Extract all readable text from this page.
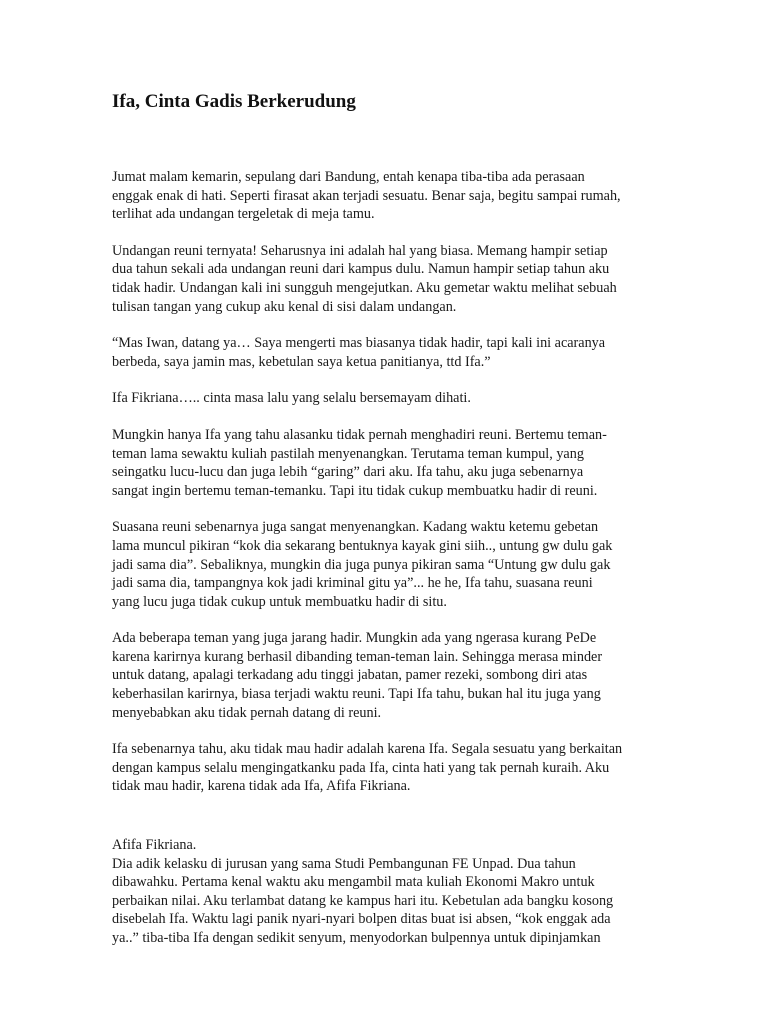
Ifa, Cinta Gadis Berkerudung

Jumat malam kemarin, sepulang dari Bandung, entah kenapa tiba-tiba ada perasaan
enggak enak di hati. Seperti firasat akan terjadi sesuatu. Benar saja, begitu sampai rumah,
terlihat ada undangan tergeletak di meja tamu.

Undangan reuni ternyata! Seharusnya ini adalah hal yang biasa. Memang hampir setiap
dua tahun sekali ada undangan reuni dari kampus dulu. Namun hampir setiap tahun aku
tidak hadir. Undangan kali ini sungguh mengejutkan. Aku gemetar waktu melihat sebuah
tulisan tangan yang cukup aku kenal di sisi dalam undangan.

“Mas Iwan, datang ya… Saya mengerti mas biasanya tidak hadir, tapi kali ini acaranya
berbeda, saya jamin mas, kebetulan saya ketua panitianya, ttd Ifa.”

Ifa Fikriana….. cinta masa lalu yang selalu bersemayam dihati.

Mungkin hanya Ifa yang tahu alasanku tidak pernah menghadiri reuni. Bertemu teman-
teman lama sewaktu kuliah pastilah menyenangkan. Terutama teman kumpul, yang
seingatku lucu-lucu dan juga lebih “garing” dari aku. Ifa tahu, aku juga sebenarnya
sangat ingin bertemu teman-temanku. Tapi itu tidak cukup membuatku hadir di reuni.

Suasana reuni sebenarnya juga sangat menyenangkan. Kadang waktu ketemu gebetan
lama muncul pikiran “kok dia sekarang bentuknya kayak gini siih.., untung gw dulu gak
jadi sama dia”. Sebaliknya, mungkin dia juga punya pikiran sama “Untung gw dulu gak
jadi sama dia, tampangnya kok jadi kriminal gitu ya”... he he, Ifa tahu, suasana reuni
yang lucu juga tidak cukup untuk membuatku hadir di situ.

Ada beberapa teman yang juga jarang hadir. Mungkin ada yang ngerasa kurang PeDe
karena karirnya kurang berhasil dibanding teman-teman lain. Sehingga merasa minder
untuk datang, apalagi terkadang adu tinggi jabatan, pamer rezeki, sombong diri atas
keberhasilan karirnya, biasa terjadi waktu reuni. Tapi Ifa tahu, bukan hal itu juga yang
menyebabkan aku tidak pernah datang di reuni.

Ifa sebenarnya tahu, aku tidak mau hadir adalah karena Ifa. Segala sesuatu yang berkaitan
dengan kampus selalu mengingatkanku pada Ifa, cinta hati yang tak pernah kuraih. Aku
tidak mau hadir, karena tidak ada Ifa, Afifa Fikriana.

Afifa Fikriana.
Dia adik kelasku di jurusan yang sama Studi Pembangunan FE Unpad. Dua tahun
dibawahku. Pertama kenal waktu aku mengambil mata kuliah Ekonomi Makro untuk
perbaikan nilai. Aku terlambat datang ke kampus hari itu. Kebetulan ada bangku kosong
disebelah Ifa. Waktu lagi panik nyari-nyari bolpen ditas buat isi absen, “kok enggak ada
ya..” tiba-tiba Ifa dengan sedikit senyum, menyodorkan bulpennya untuk dipinjamkan
